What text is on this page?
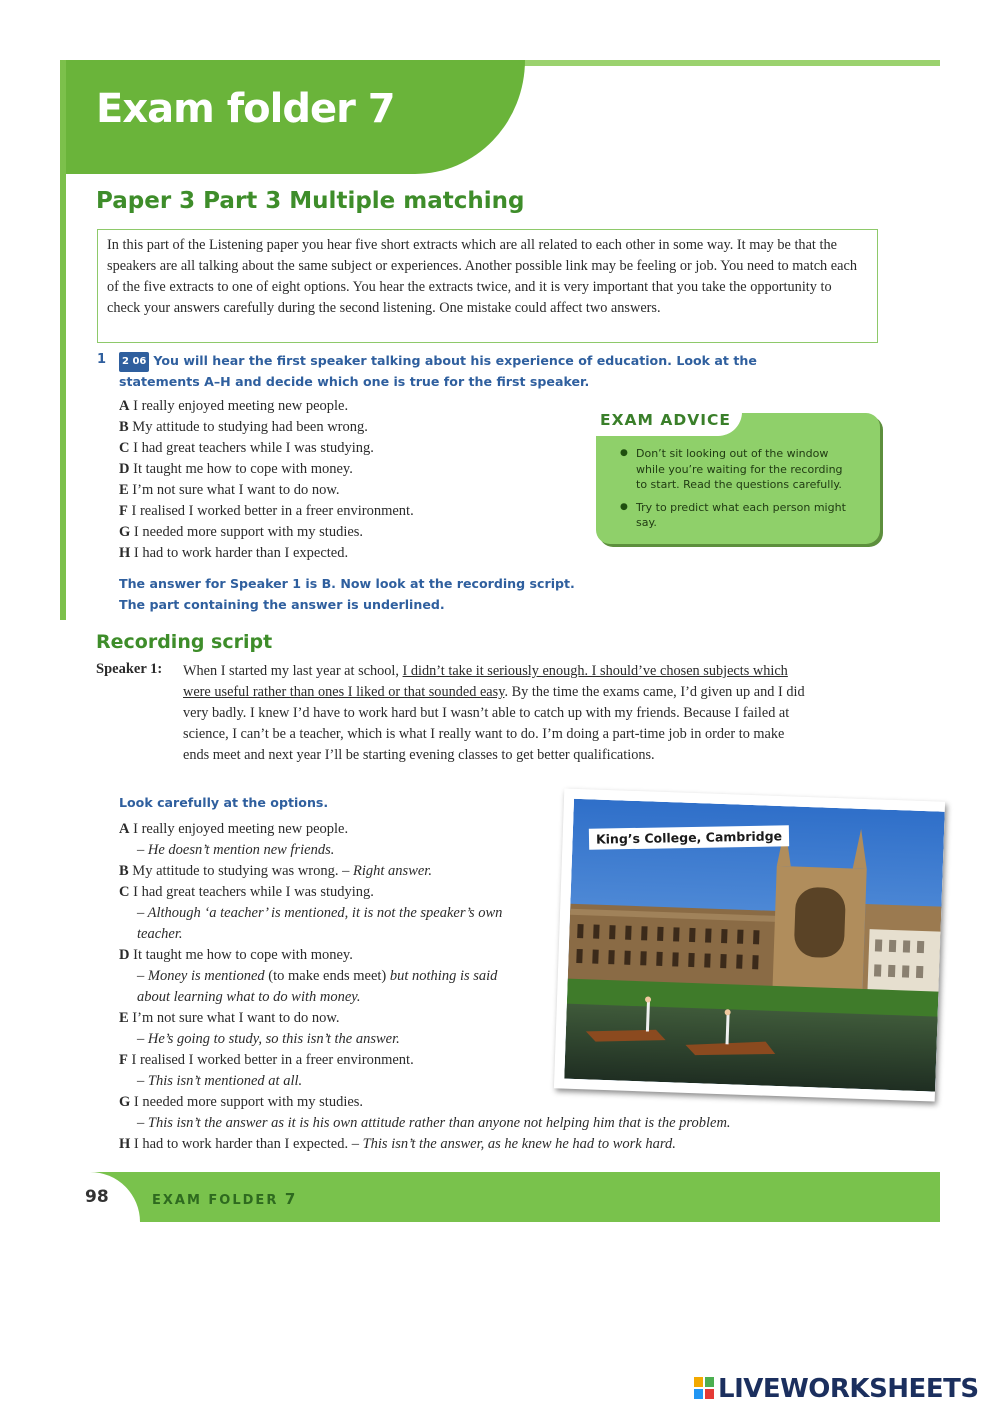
Exam folder 7
Paper 3 Part 3 Multiple matching

In this part of the Listening paper you hear five short extracts which are all related to each other in some way. It may be that the speakers are all talking about the same subject or experiences. Another possible link may be feeling or job. You need to match each of the five extracts to one of eight options. You hear the extracts twice, and it is very important that you take the opportunity to check your answers carefully during the second listening. One mistake could affect two answers.

1	2 06 You will hear the first speaker talking about his experience of education. Look at the statements A–H and decide which one is true for the first speaker.
A I really enjoyed meeting new people.
B My attitude to studying had been wrong.
C I had great teachers while I was studying.
D It taught me how to cope with money.
E I’m not sure what I want to do now.
F I realised I worked better in a freer environment.
G I needed more support with my studies.
H I had to work harder than I expected.
EXAM ADVICE
● Don’t sit looking out of the window while you’re waiting for the recording to start. Read the questions carefully.
● Try to predict what each person might say.
The answer for Speaker 1 is B. Now look at the recording script.
The part containing the answer is underlined.
Recording script
Speaker 1: When I started my last year at school, I didn’t take it seriously enough. I should’ve chosen subjects which were useful rather than ones I liked or that sounded easy. By the time the exams came, I’d given up and I did very badly. I knew I’d have to work hard but I wasn’t able to catch up with my friends. Because I failed at science, I can’t be a teacher, which is what I really want to do. I’m doing a part-time job in order to make ends meet and next year I’ll be starting evening classes to get better qualifications.

Look carefully at the options.
A I really enjoyed meeting new people.
– He doesn’t mention new friends.
B My attitude to studying was wrong. – Right answer.
C I had great teachers while I was studying.
– Although ‘a teacher’ is mentioned, it is not the speaker’s own teacher.
D It taught me how to cope with money.
– Money is mentioned (to make ends meet) but nothing is said about learning what to do with money.
E I’m not sure what I want to do now.
– He’s going to study, so this isn’t the answer.
F I realised I worked better in a freer environment.
– This isn’t mentioned at all.
G I needed more support with my studies.
– This isn’t the answer as it is his own attitude rather than anyone not helping him that is the problem.
H I had to work harder than I expected. – This isn’t the answer, as he knew he had to work hard.
King’s College, Cambridge
98	EXAM FOLDER 7
LIVEWORKSHEETS
